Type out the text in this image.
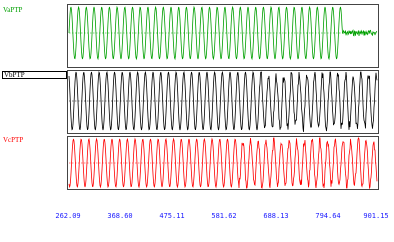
VaPTP
VbPTP
VcPTP
262.09	368.60	475.11	581.62	688.13	794.64	901.15
